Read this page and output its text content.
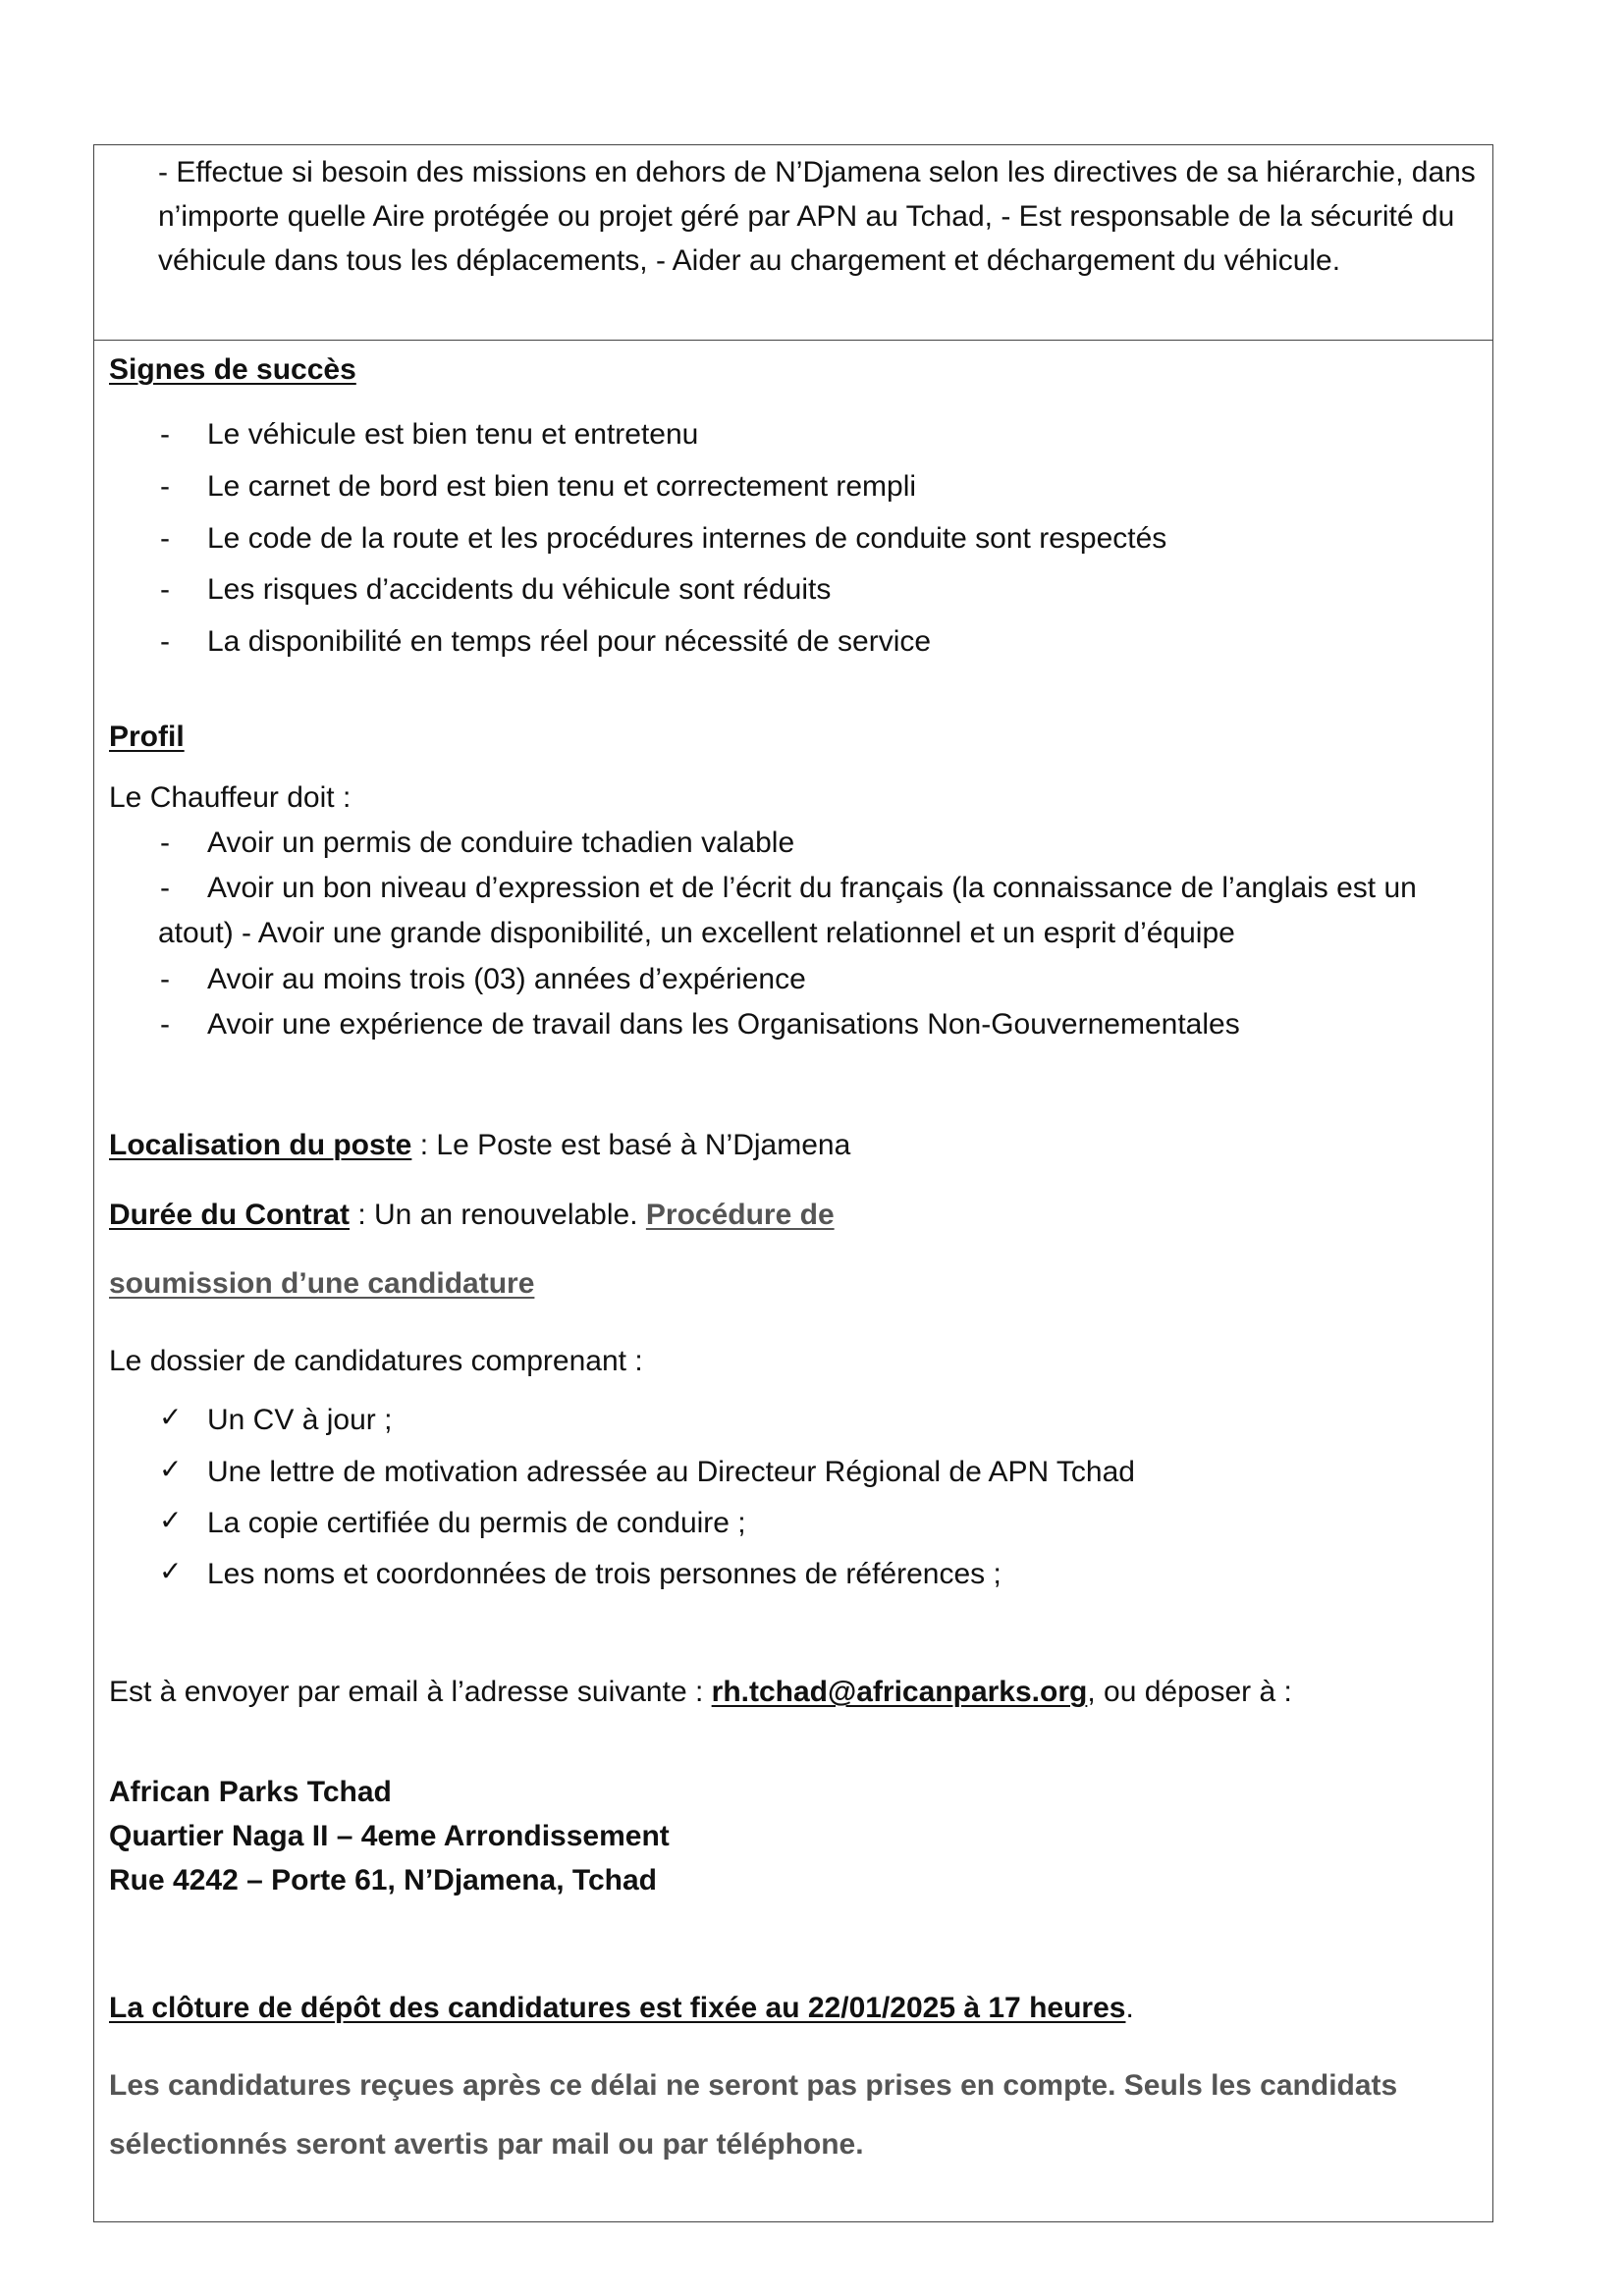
- Effectue si besoin des missions en dehors de N’Djamena selon les directives de sa hiérarchie, dans
n’importe quelle Aire protégée ou projet géré par APN au Tchad, - Est responsable de la sécurité du
véhicule dans tous les déplacements, - Aider au chargement et déchargement du véhicule.
Signes de succès
- Le véhicule est bien tenu et entretenu
- Le carnet de bord est bien tenu et correctement rempli
- Le code de la route et les procédures internes de conduite sont respectés
- Les risques d’accidents du véhicule sont réduits
- La disponibilité en temps réel pour nécessité de service
Profil
Le Chauffeur doit :
- Avoir un permis de conduire tchadien valable
- Avoir un bon niveau d’expression et de l’écrit du français (la connaissance de l’anglais est un
atout) - Avoir une grande disponibilité, un excellent relationnel et un esprit d’équipe
- Avoir au moins trois (03) années d’expérience
- Avoir une expérience de travail dans les Organisations Non-Gouvernementales
Localisation du poste : Le Poste est basé à N’Djamena
Durée du Contrat : Un an renouvelable. Procédure de
soumission d’une candidature
Le dossier de candidatures comprenant :
✓ Un CV à jour ;
✓ Une lettre de motivation adressée au Directeur Régional de APN Tchad
✓ La copie certifiée du permis de conduire ;
✓ Les noms et coordonnées de trois personnes de références ;
Est à envoyer par email à l’adresse suivante : rh.tchad@africanparks.org, ou déposer à :
African Parks Tchad
Quartier Naga II – 4eme Arrondissement
Rue 4242 – Porte 61, N’Djamena, Tchad
La clôture de dépôt des candidatures est fixée au 22/01/2025 à 17 heures.
Les candidatures reçues après ce délai ne seront pas prises en compte. Seuls les candidats
sélectionnés seront avertis par mail ou par téléphone.
